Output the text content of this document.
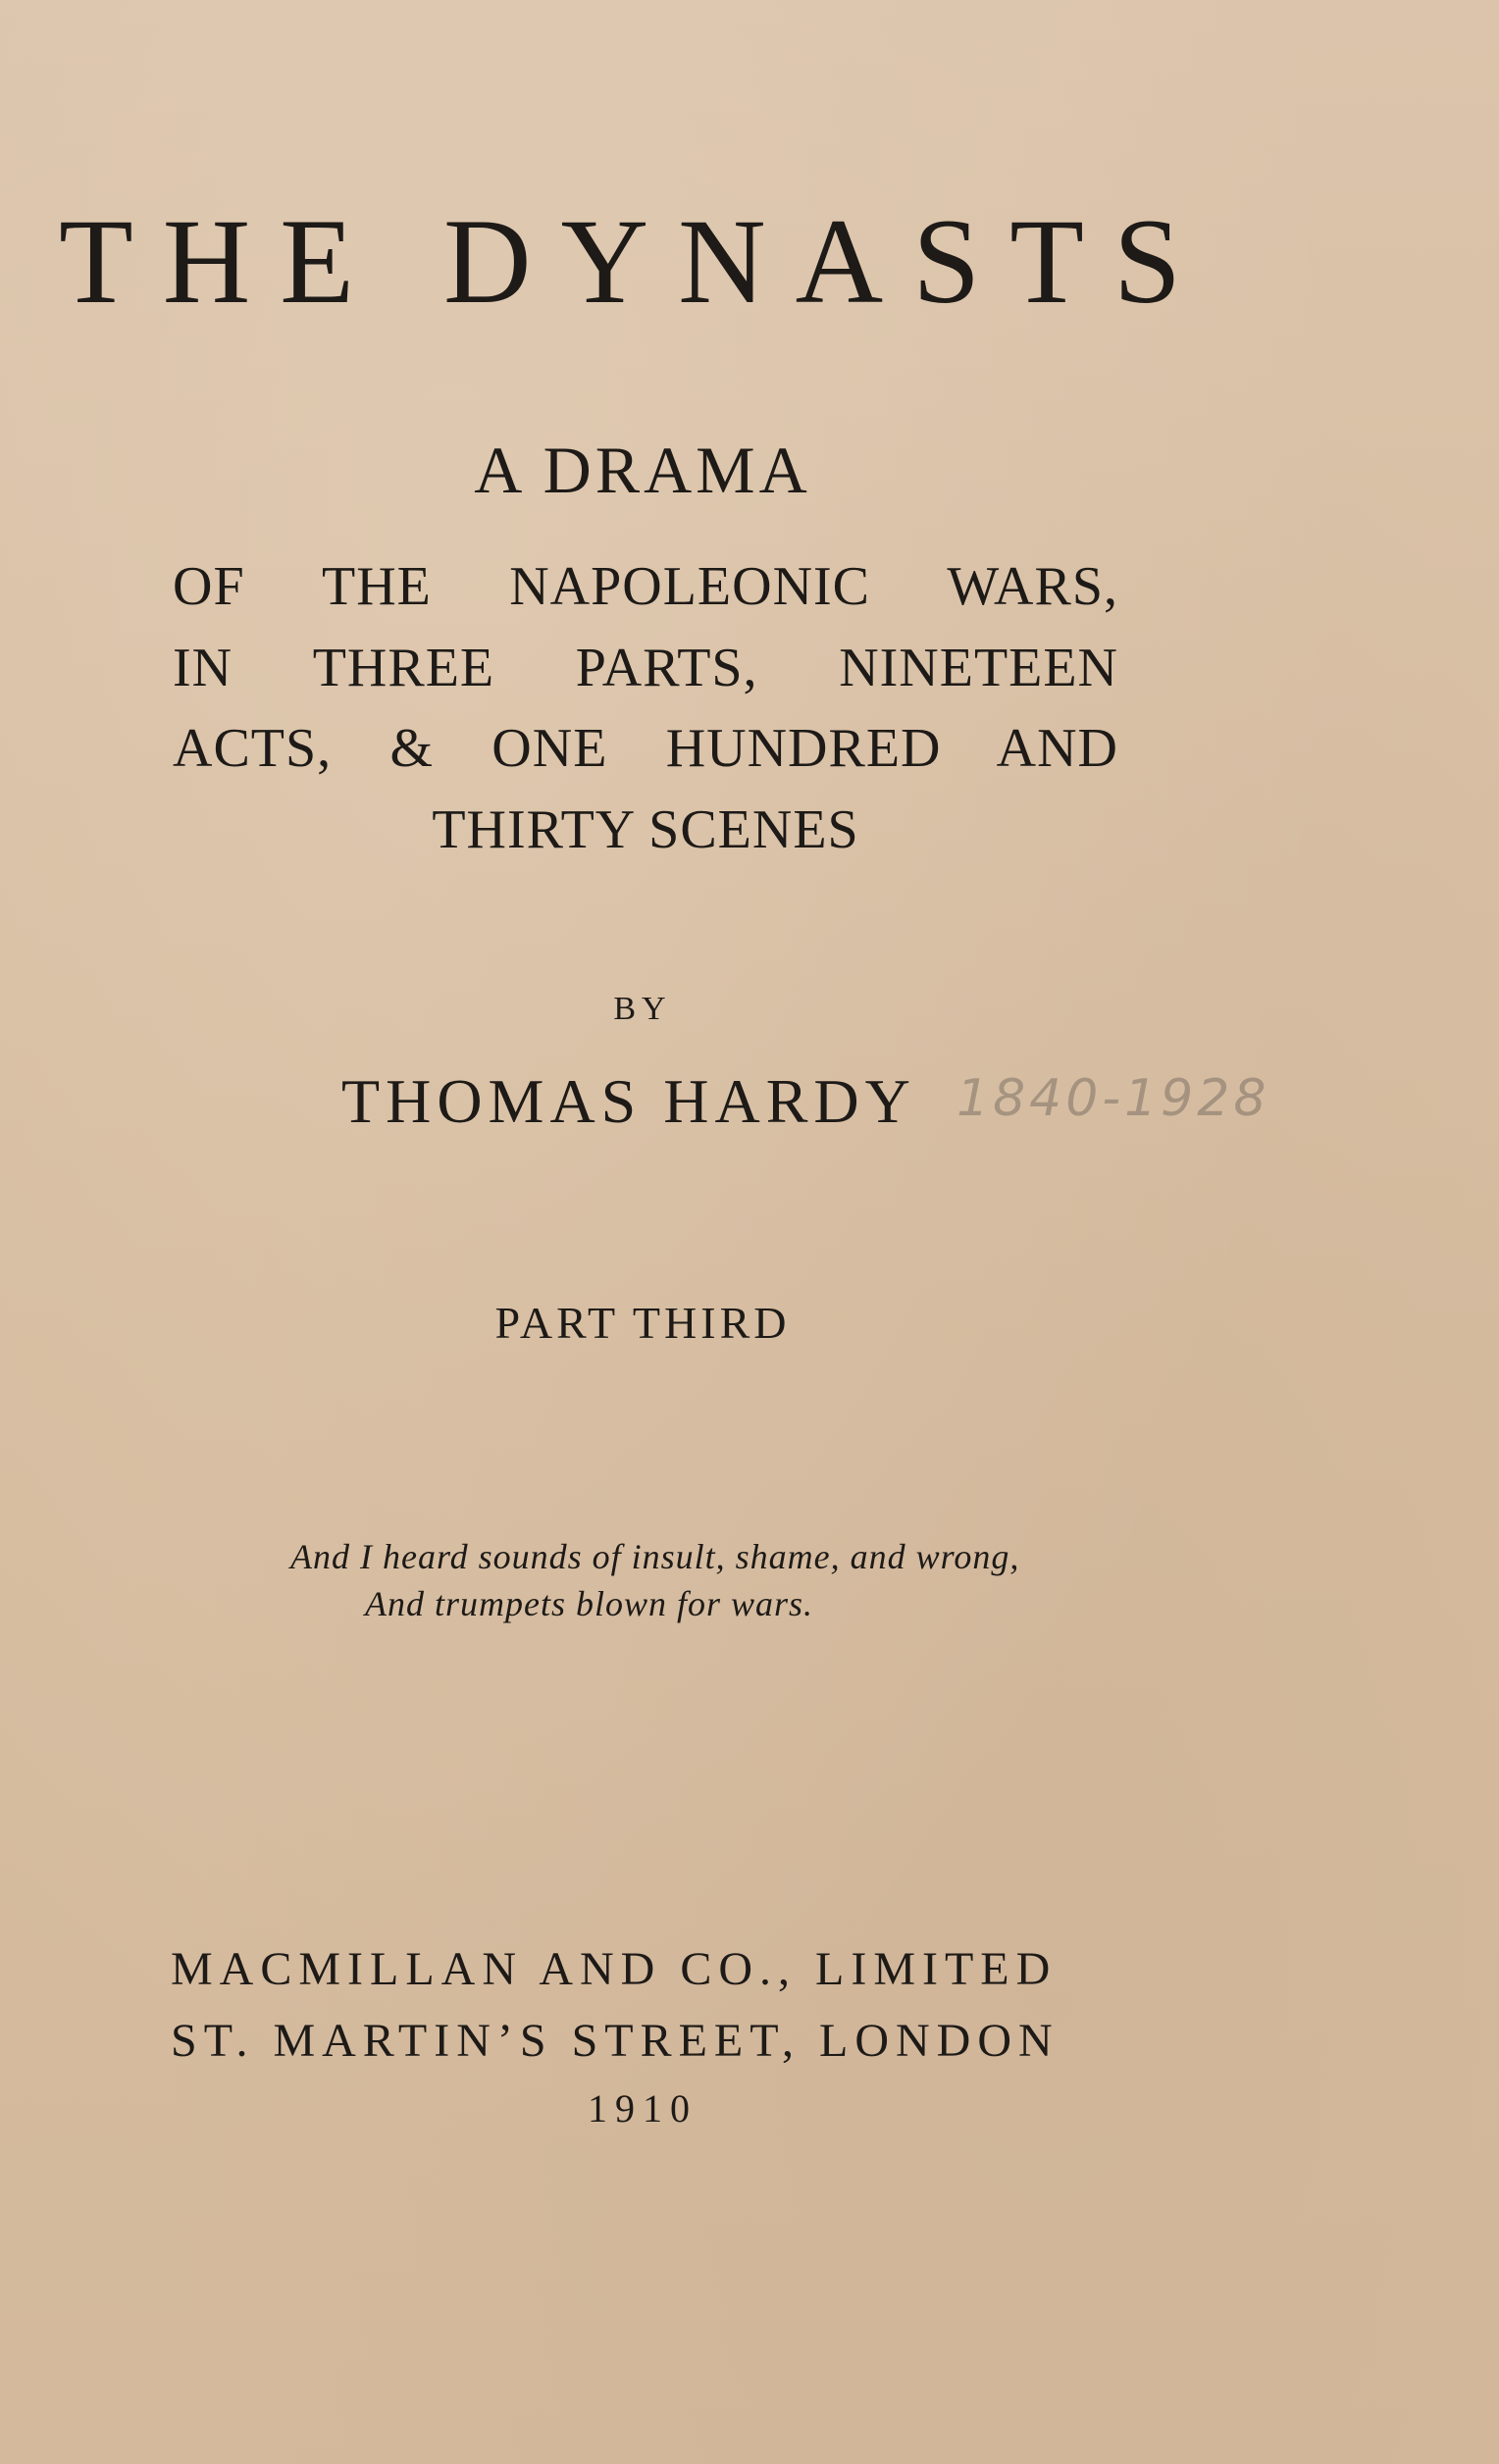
THE DYNASTS
A DRAMA
OF THE NAPOLEONIC WARS,
IN THREE PARTS, NINETEEN
ACTS, & ONE HUNDRED AND
THIRTY SCENES
BY
THOMAS HARDY 1840-1928
PART THIRD
And I heard sounds of insult, shame, and wrong,
And trumpets blown for wars.
MACMILLAN AND CO., LIMITED
ST. MARTIN’S STREET, LONDON
1910
